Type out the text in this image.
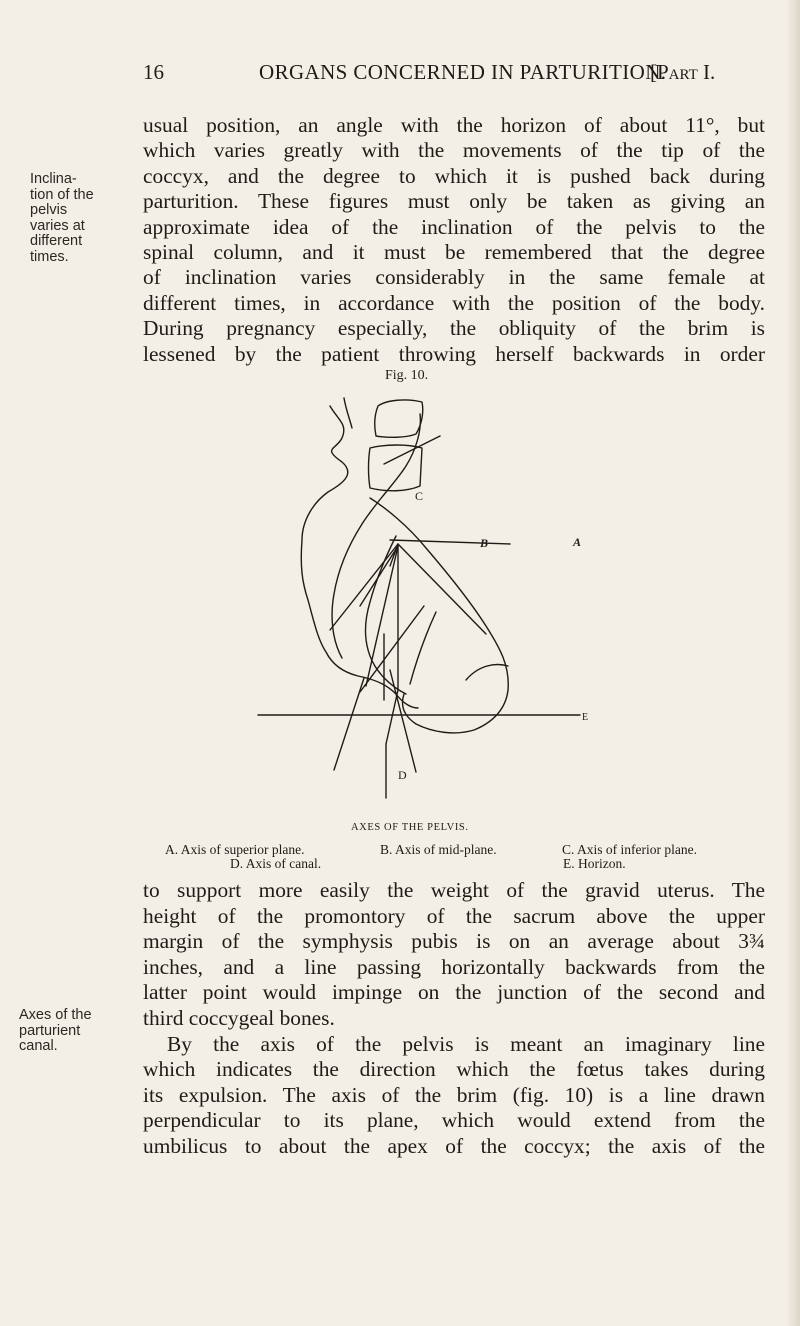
16	ORGANS CONCERNED IN PARTURITION.
[Part I.
usual position, an angle with the horizon of about 11°, but
which varies greatly with the movements of the tip of the
coccyx, and the degree to which it is pushed back during
parturition. These figures must only be taken as giving an
approximate idea of the inclination of the pelvis to the
spinal column, and it must be remembered that the degree
of inclination varies considerably in the same female at
different times, in accordance with the position of the body.
During pregnancy especially, the obliquity of the brim is
lessened by the patient throwing herself backwards in order
Inclina-
tion of the
pelvis
varies at
different
times.
Fig. 10.
C
B	A
E
D
AXES OF THE PELVIS.
A. Axis of superior plane.	B. Axis of mid-plane.	C. Axis of inferior plane.
D. Axis of canal.	E. Horizon.
to support more easily the weight of the gravid uterus. The
height of the promontory of the sacrum above the upper
margin of the symphysis pubis is on an average about 3¾
inches, and a line passing horizontally backwards from the
latter point would impinge on the junction of the second and
third coccygeal bones.
By the axis of the pelvis is meant an imaginary line
which indicates the direction which the fœtus takes during
its expulsion. The axis of the brim (fig. 10) is a line drawn
perpendicular to its plane, which would extend from the
umbilicus to about the apex of the coccyx; the axis of the
Axes of the
parturient
canal.
